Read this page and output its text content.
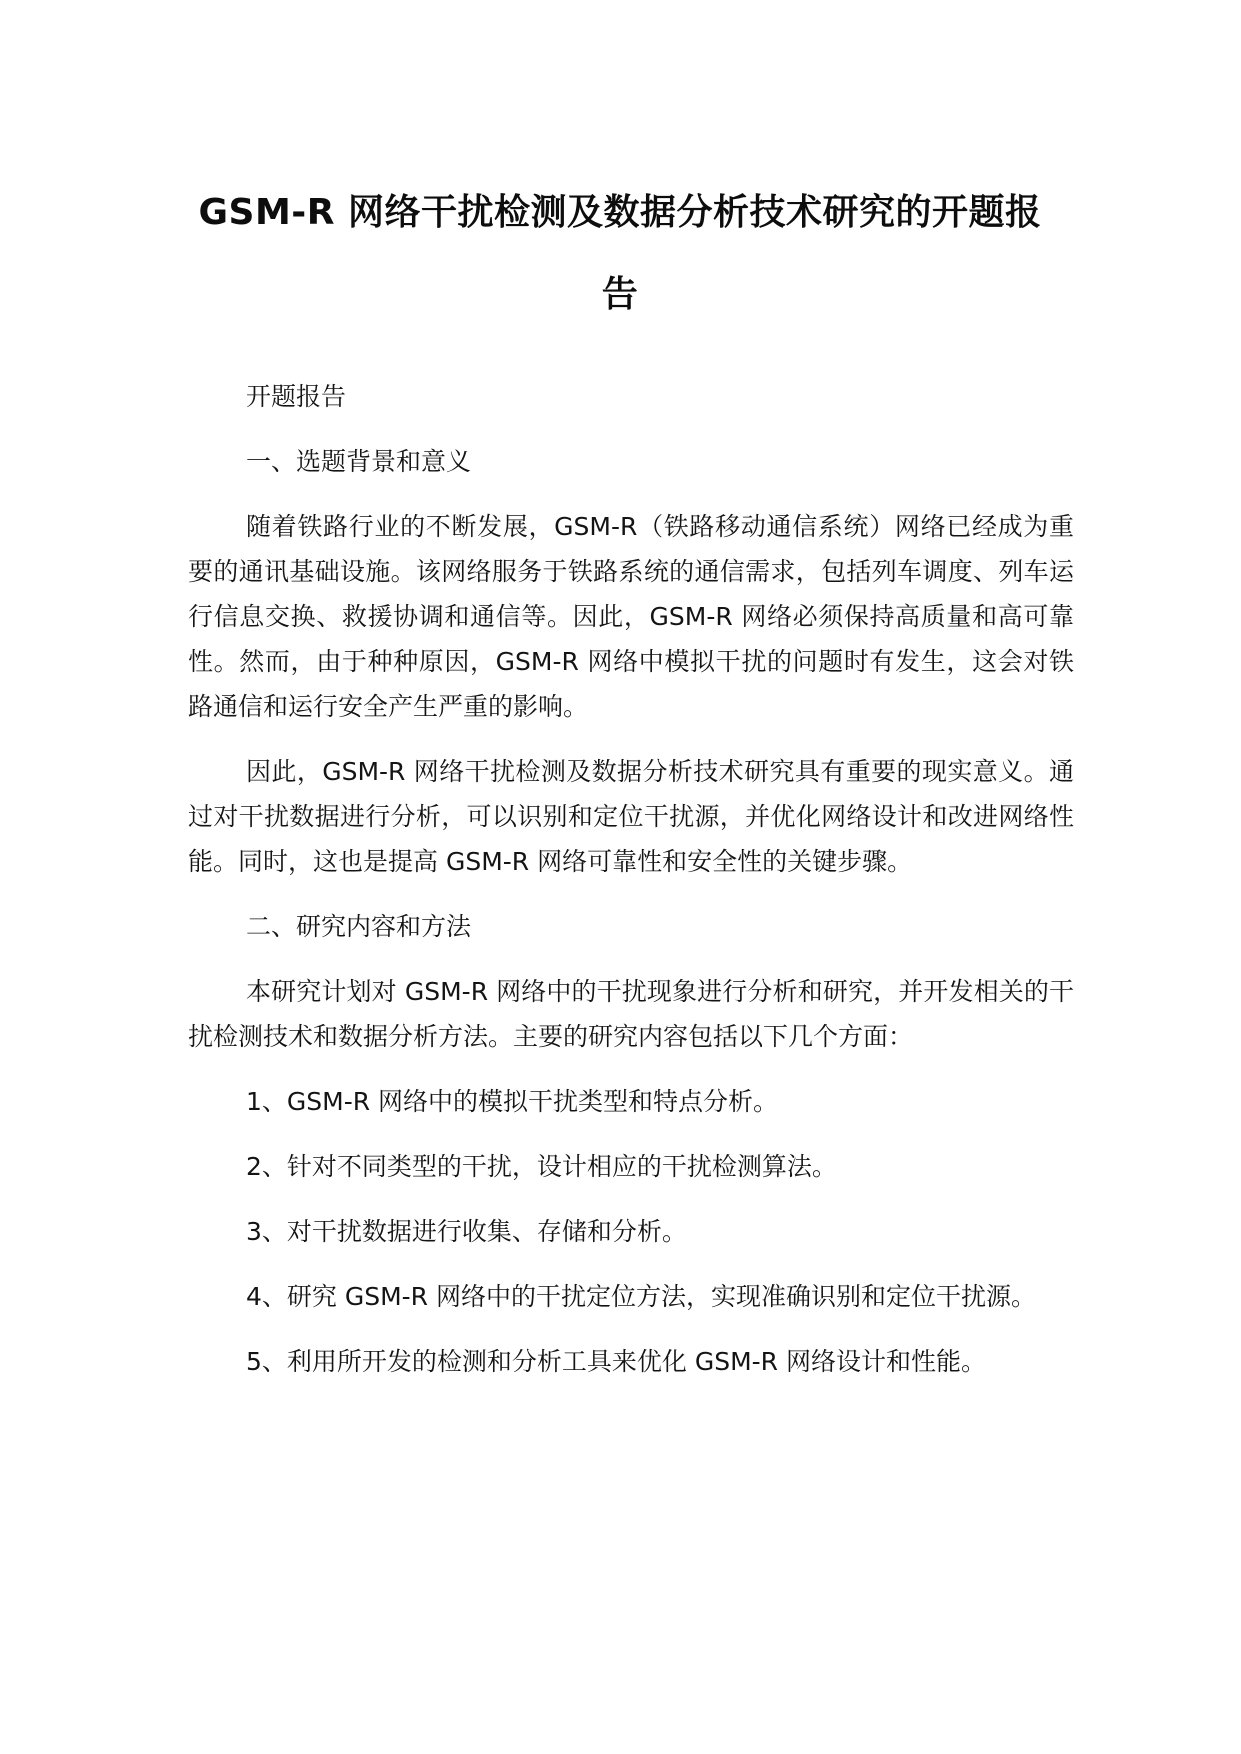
GSM-R 网络干扰检测及数据分析技术研究的开题报
告

开题报告

一、选题背景和意义

随着铁路行业的不断发展，GSM-R（铁路移动通信系统）网络已经成为重要的通讯基础设施。该网络服务于铁路系统的通信需求，包括列车调度、列车运行信息交换、救援协调和通信等。因此，GSM-R 网络必须保持高质量和高可靠性。然而，由于种种原因，GSM-R 网络中模拟干扰的问题时有发生，这会对铁路通信和运行安全产生严重的影响。

因此，GSM-R 网络干扰检测及数据分析技术研究具有重要的现实意义。通过对干扰数据进行分析，可以识别和定位干扰源，并优化网络设计和改进网络性能。同时，这也是提高 GSM-R 网络可靠性和安全性的关键步骤。

二、研究内容和方法

本研究计划对 GSM-R 网络中的干扰现象进行分析和研究，并开发相关的干扰检测技术和数据分析方法。主要的研究内容包括以下几个方面：

1、GSM-R 网络中的模拟干扰类型和特点分析。

2、针对不同类型的干扰，设计相应的干扰检测算法。

3、对干扰数据进行收集、存储和分析。

4、研究 GSM-R 网络中的干扰定位方法，实现准确识别和定位干扰源。

5、利用所开发的检测和分析工具来优化 GSM-R 网络设计和性能。
